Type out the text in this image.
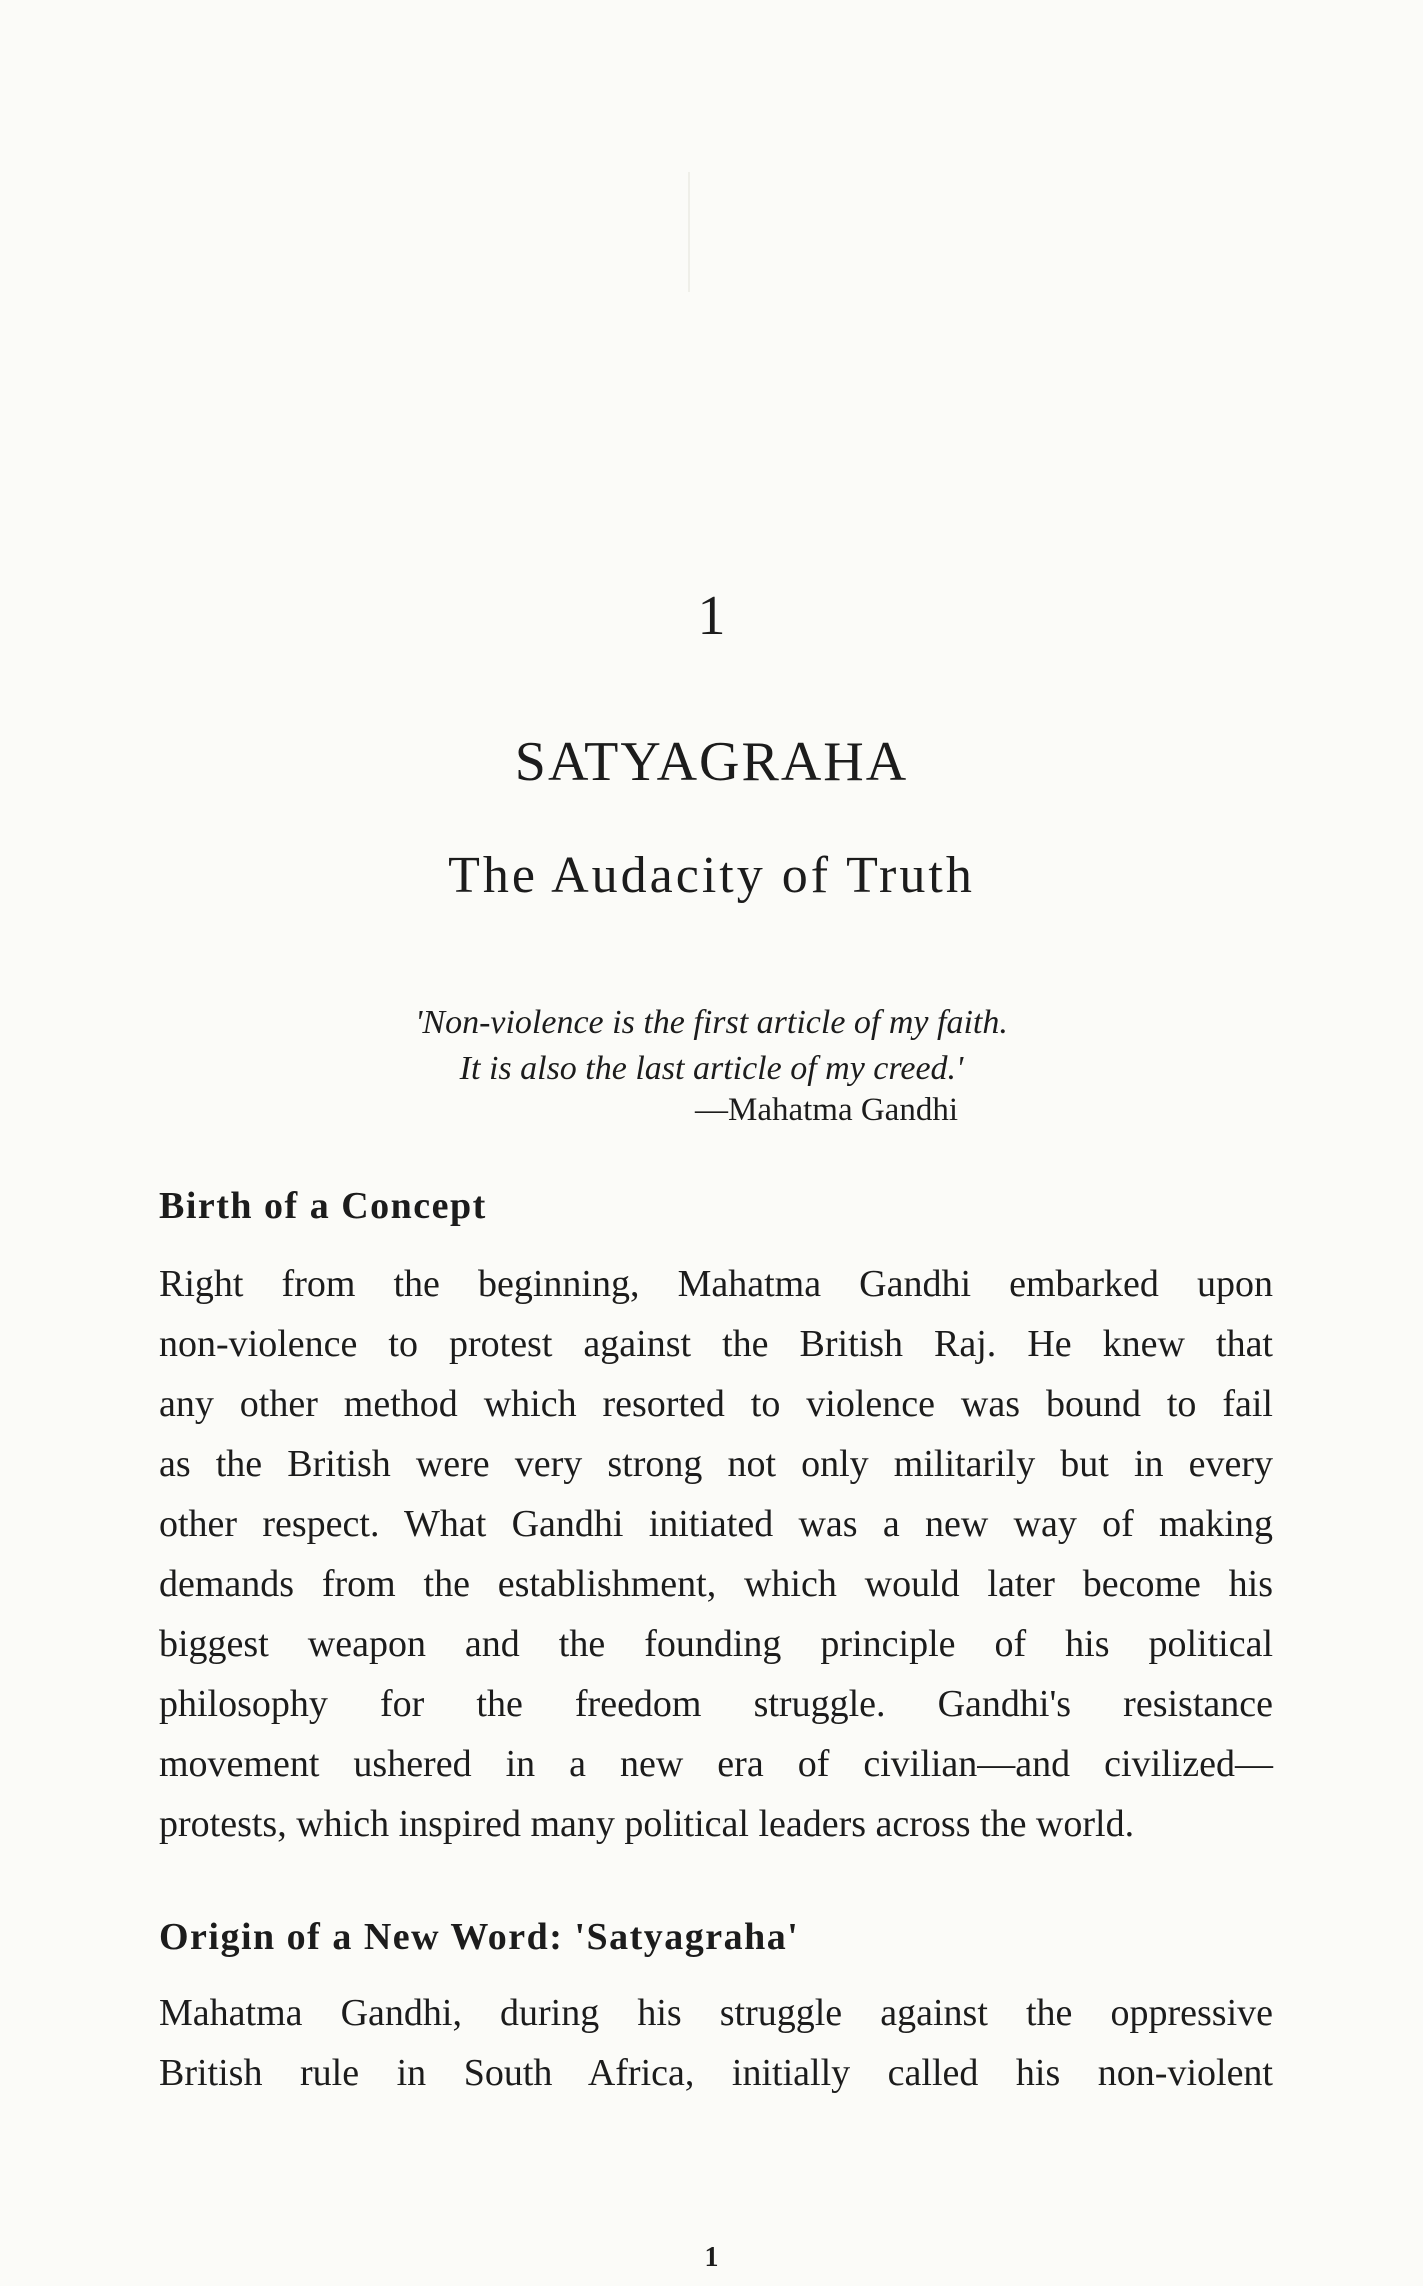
1
SATYAGRAHA
The Audacity of Truth
'Non-violence is the first article of my faith.
It is also the last article of my creed.'
—Mahatma Gandhi
Birth of a Concept
Right from the beginning, Mahatma Gandhi embarked upon
non-violence to protest against the British Raj. He knew that
any other method which resorted to violence was bound to fail
as the British were very strong not only militarily but in every
other respect. What Gandhi initiated was a new way of making
demands from the establishment, which would later become his
biggest weapon and the founding principle of his political
philosophy for the freedom struggle. Gandhi's resistance
movement ushered in a new era of civilian—and civilized—
protests, which inspired many political leaders across the world.
Origin of a New Word: 'Satyagraha'
Mahatma Gandhi, during his struggle against the oppressive
British rule in South Africa, initially called his non-violent
1
